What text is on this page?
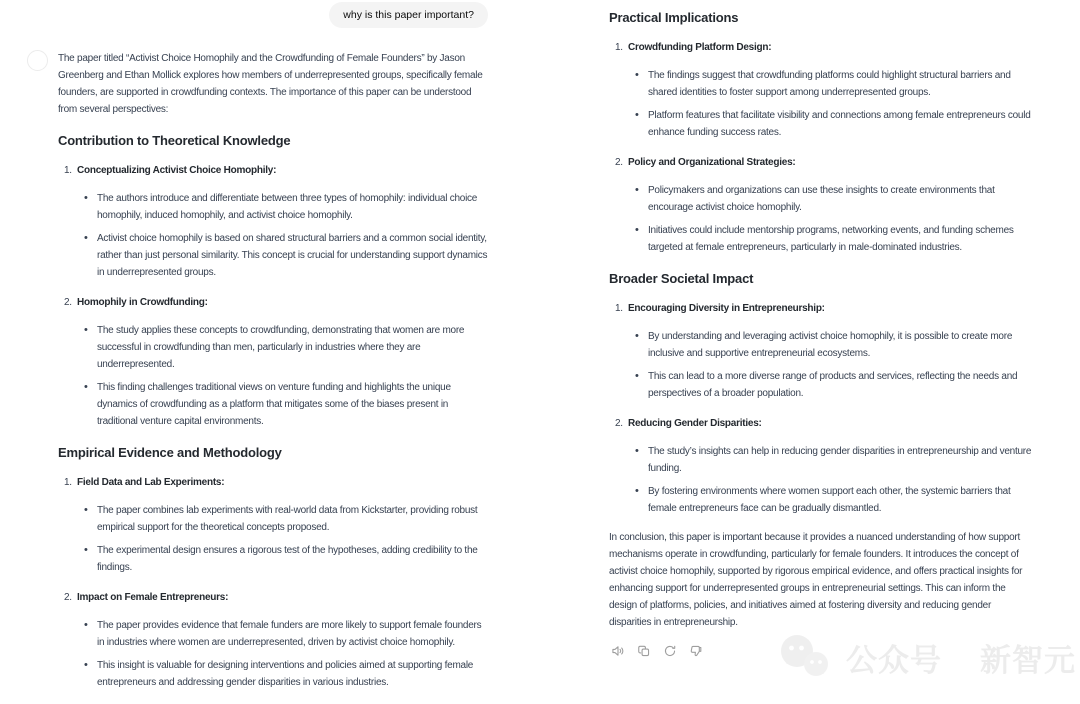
why is this paper important?

The paper titled “Activist Choice Homophily and the Crowdfunding of Female Founders” by Jason Greenberg and Ethan Mollick explores how members of underrepresented groups, specifically female founders, are supported in crowdfunding contexts. The importance of this paper can be understood from several perspectives:

Contribution to Theoretical Knowledge
1. Conceptualizing Activist Choice Homophily:

• The authors introduce and differentiate between three types of homophily: individual choice homophily, induced homophily, and activist choice homophily.

• Activist choice homophily is based on shared structural barriers and a common social identity, rather than just personal similarity. This concept is crucial for understanding support dynamics in underrepresented groups.

2. Homophily in Crowdfunding:

• The study applies these concepts to crowdfunding, demonstrating that women are more successful in crowdfunding than men, particularly in industries where they are underrepresented.

• This finding challenges traditional views on venture funding and highlights the unique dynamics of crowdfunding as a platform that mitigates some of the biases present in traditional venture capital environments.

Empirical Evidence and Methodology
1. Field Data and Lab Experiments:

• The paper combines lab experiments with real-world data from Kickstarter, providing robust empirical support for the theoretical concepts proposed.

• The experimental design ensures a rigorous test of the hypotheses, adding credibility to the findings.

2. Impact on Female Entrepreneurs:

• The paper provides evidence that female funders are more likely to support female founders in industries where women are underrepresented, driven by activist choice homophily.

• This insight is valuable for designing interventions and policies aimed at supporting female entrepreneurs and addressing gender disparities in various industries.

Practical Implications
1. Crowdfunding Platform Design:

• The findings suggest that crowdfunding platforms could highlight structural barriers and shared identities to foster support among underrepresented groups.

• Platform features that facilitate visibility and connections among female entrepreneurs could enhance funding success rates.

2. Policy and Organizational Strategies:

• Policymakers and organizations can use these insights to create environments that encourage activist choice homophily.

• Initiatives could include mentorship programs, networking events, and funding schemes targeted at female entrepreneurs, particularly in male-dominated industries.

Broader Societal Impact
1. Encouraging Diversity in Entrepreneurship:

• By understanding and leveraging activist choice homophily, it is possible to create more inclusive and supportive entrepreneurial ecosystems.

• This can lead to a more diverse range of products and services, reflecting the needs and perspectives of a broader population.

2. Reducing Gender Disparities:

• The study’s insights can help in reducing gender disparities in entrepreneurship and venture funding.

• By fostering environments where women support each other, the systemic barriers that female entrepreneurs face can be gradually dismantled.

In conclusion, this paper is important because it provides a nuanced understanding of how support mechanisms operate in crowdfunding, particularly for female founders. It introduces the concept of activist choice homophily, supported by rigorous empirical evidence, and offers practical insights for enhancing support for underrepresented groups in entrepreneurial settings. This can inform the design of platforms, policies, and initiatives aimed at fostering diversity and reducing gender disparities in entrepreneurship.

公众号 新智元
